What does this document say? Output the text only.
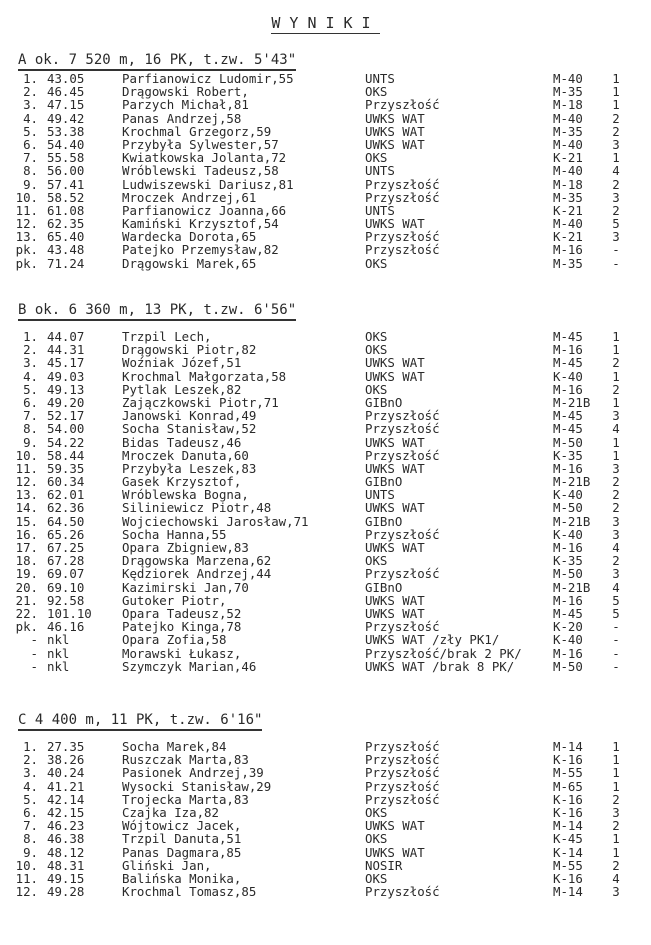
WYNIKI
A ok. 7 520 m, 16 PK, t.zw. 5'43"
1. 43.05	Parfianowicz Ludomir,55	UNTS	M-40	1
2. 46.45	Drągowski Robert,	OKS	M-35	1
3. 47.15	Parzych Michał,81	Przyszłość	M-18	1
4. 49.42	Panas Andrzej,58	UWKS WAT	M-40	2
5. 53.38	Krochmal Grzegorz,59	UWKS WAT	M-35	2
6. 54.40	Przybyła Sylwester,57	UWKS WAT	M-40	3
7. 55.58	Kwiatkowska Jolanta,72	OKS	K-21	1
8. 56.00	Wróblewski Tadeusz,58	UNTS	M-40	4
9. 57.41	Ludwiszewski Dariusz,81	Przyszłość	M-18	2
10. 58.52	Mroczek Andrzej,61	Przyszłość	M-35	3
11. 61.08	Parfianowicz Joanna,66	UNTS	K-21	2
12. 62.35	Kamiński Krzysztof,54	UWKS WAT	M-40	5
13. 65.40	Wardecka Dorota,65	Przyszłość	K-21	3
pk. 43.48	Patejko Przemysław,82	Przyszłość	M-16	-
pk. 71.24	Drągowski Marek,65	OKS	M-35	-
B ok. 6 360 m, 13 PK, t.zw. 6'56"
1. 44.07	Trzpil Lech,	OKS	M-45	1
2. 44.31	Drągowski Piotr,82	OKS	M-16	1
3. 45.17	Woźniak Józef,51	UWKS WAT	M-45	2
4. 49.03	Krochmal Małgorzata,58	UWKS WAT	K-40	1
5. 49.13	Pytlak Leszek,82	OKS	M-16	2
6. 49.20	Zajączkowski Piotr,71	GIBnO	M-21B	1
7. 52.17	Janowski Konrad,49	Przyszłość	M-45	3
8. 54.00	Socha Stanisław,52	Przyszłość	M-45	4
9. 54.22	Bidas Tadeusz,46	UWKS WAT	M-50	1
10. 58.44	Mroczek Danuta,60	Przyszłość	K-35	1
11. 59.35	Przybyła Leszek,83	UWKS WAT	M-16	3
12. 60.34	Gasek Krzysztof,	GIBnO	M-21B	2
13. 62.01	Wróblewska Bogna,	UNTS	K-40	2
14. 62.36	Siliniewicz Piotr,48	UWKS WAT	M-50	2
15. 64.50	Wojciechowski Jarosław,71	GIBnO	M-21B	3
16. 65.26	Socha Hanna,55	Przyszłość	K-40	3
17. 67.25	Opara Zbigniew,83	UWKS WAT	M-16	4
18. 67.28	Drągowska Marzena,62	OKS	K-35	2
19. 69.07	Kędziorek Andrzej,44	Przyszłość	M-50	3
20. 69.10	Kazimirski Jan,70	GIBnO	M-21B	4
21. 92.58	Gutoker Piotr,	UWKS WAT	M-16	5
22. 101.10	Opara Tadeusz,52	UWKS WAT	M-45	5
pk. 46.16	Patejko Kinga,78	Przyszłość	K-20	-
- nkl	Opara Zofia,58	UWKS WAT /zły PK1/	K-40	-
- nkl	Morawski Łukasz,	Przyszłość/brak 2 PK/	M-16	-
- nkl	Szymczyk Marian,46	UWKS WAT /brak 8 PK/	M-50	-
C 4 400 m, 11 PK, t.zw. 6'16"
1. 27.35	Socha Marek,84	Przyszłość	M-14	1
2. 38.26	Ruszczak Marta,83	Przyszłość	K-16	1
3. 40.24	Pasionek Andrzej,39	Przyszłość	M-55	1
4. 41.21	Wysocki Stanisław,29	Przyszłość	M-65	1
5. 42.14	Trojecka Marta,83	Przyszłość	K-16	2
6. 42.15	Czajka Iza,82	OKS	K-16	3
7. 46.23	Wójtowicz Jacek,	UWKS WAT	M-14	2
8. 46.38	Trzpil Danuta,51	OKS	K-45	1
9. 48.12	Panas Dagmara,85	UWKS WAT	K-14	1
10. 48.31	Gliński Jan,	NOSIR	M-55	2
11. 49.15	Balińska Monika,	OKS	K-16	4
12. 49.28	Krochmal Tomasz,85	Przyszłość	M-14	3
